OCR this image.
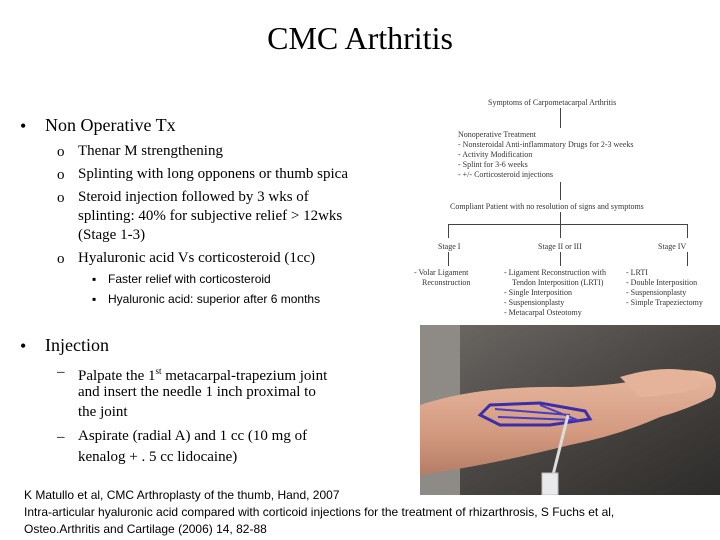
CMC Arthritis
• Non Operative Tx
o Thenar M strengthening
o Splinting with long opponens or thumb spica
o Steroid injection followed by 3 wks of
splinting: 40% for subjective relief > 12wks
(Stage 1-3)
o Hyaluronic acid Vs corticosteroid (1cc)
▪ Faster relief with corticosteroid
▪ Hyaluronic acid: superior after 6 months
• Injection
– Palpate the 1st metacarpal-trapezium joint
and insert the needle 1 inch proximal to
the joint
– Aspirate (radial A) and 1 cc (10 mg of
kenalog + . 5 cc lidocaine)
Symptoms of Carpometacarpal Arthritis
Nonoperative Treatment
- Nonsteroidal Anti-inflammatory Drugs for 2-3 weeks
- Activity Modification
- Splint for 3-6 weeks
- +/- Corticosteroid injections
Compliant Patient with no resolution of signs and symptoms
Stage I	Stage II or III	Stage IV
- Volar Ligament
Reconstruction
- Ligament Reconstruction with
Tendon Interposition (LRTI)
- Single Interposition
- Suspensionplasty
- Metacarpal Osteotomy
- LRTI
- Double Interposition
- Suspensionplasty
- Simple Trapeziectomy
K Matullo et al, CMC Arthroplasty of the thumb, Hand, 2007
Intra-articular hyaluronic acid compared with corticoid injections for the treatment of rhizarthrosis, S Fuchs et al,
Osteo.Arthritis and Cartilage (2006) 14, 82-88
